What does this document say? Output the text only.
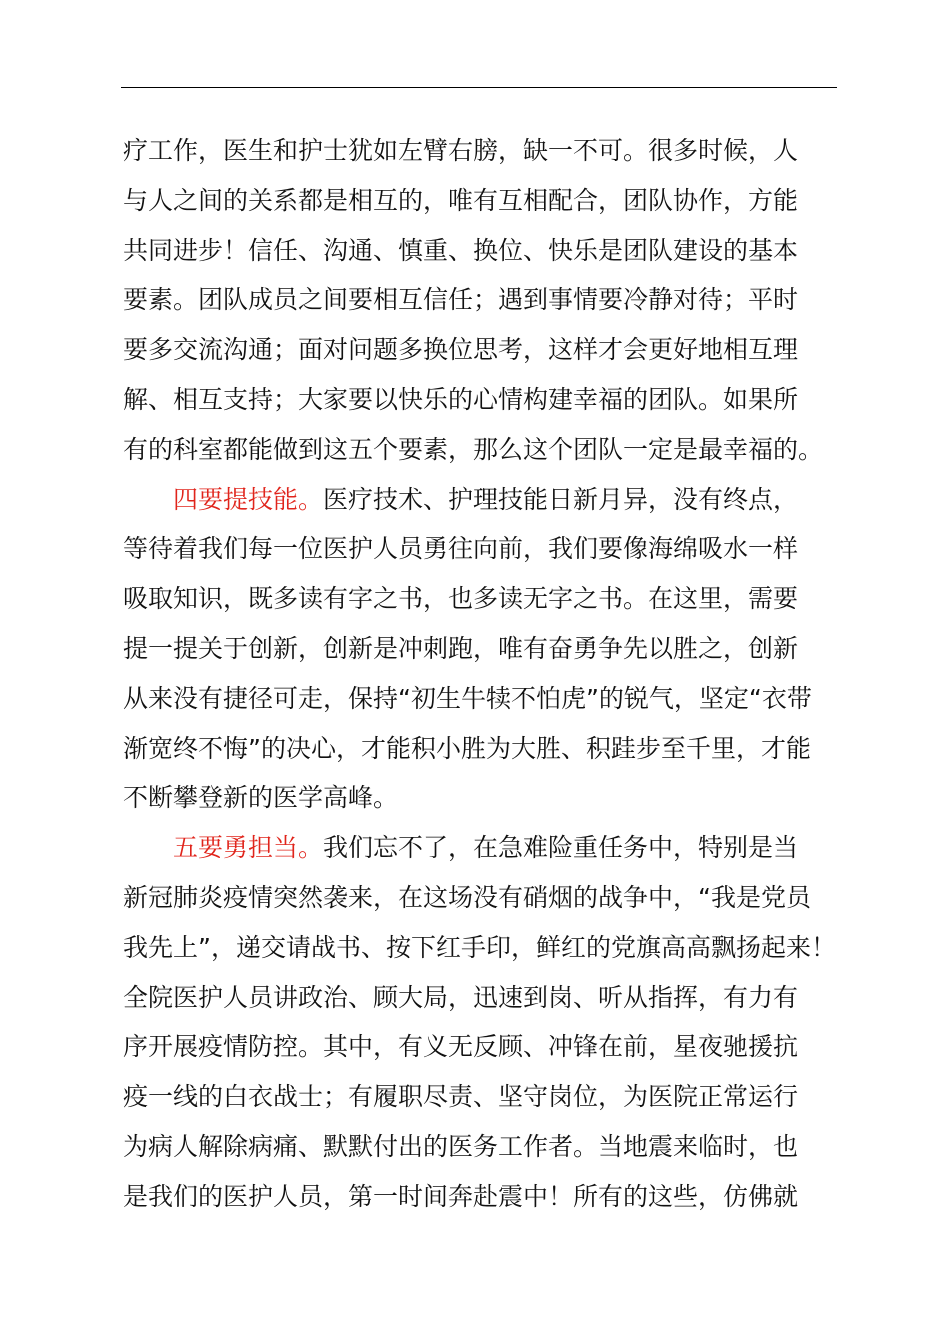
疗工作，医生和护士犹如左臂右膀，缺一不可。很多时候，人
与人之间的关系都是相互的，唯有互相配合，团队协作，方能
共同进步！信任、沟通、慎重、换位、快乐是团队建设的基本
要素。团队成员之间要相互信任；遇到事情要冷静对待；平时
要多交流沟通；面对问题多换位思考，这样才会更好地相互理
解、相互支持；大家要以快乐的心情构建幸福的团队。如果所
有的科室都能做到这五个要素，那么这个团队一定是最幸福的。
四要提技能。医疗技术、护理技能日新月异，没有终点，
等待着我们每一位医护人员勇往向前，我们要像海绵吸水一样
吸取知识，既多读有字之书，也多读无字之书。在这里，需要
提一提关于创新，创新是冲刺跑，唯有奋勇争先以胜之，创新
从来没有捷径可走，保持“初生牛犊不怕虎”的锐气，坚定“衣带
渐宽终不悔”的决心，才能积小胜为大胜、积跬步至千里，才能
不断攀登新的医学高峰。
五要勇担当。我们忘不了，在急难险重任务中，特别是当
新冠肺炎疫情突然袭来，在这场没有硝烟的战争中，“我是党员
我先上”，递交请战书、按下红手印，鲜红的党旗高高飘扬起来！
全院医护人员讲政治、顾大局，迅速到岗、听从指挥，有力有
序开展疫情防控。其中，有义无反顾、冲锋在前，星夜驰援抗
疫一线的白衣战士；有履职尽责、坚守岗位，为医院正常运行
为病人解除病痛、默默付出的医务工作者。当地震来临时，也
是我们的医护人员，第一时间奔赴震中！所有的这些，仿佛就
